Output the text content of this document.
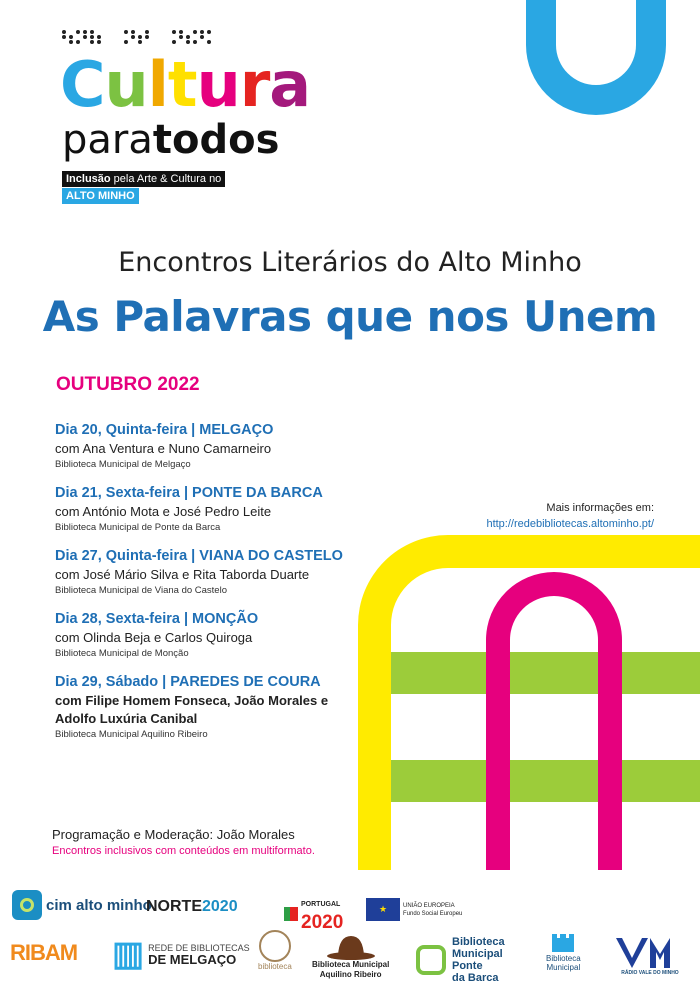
Cultura
paratodos
Inclusão pela Arte & Cultura no
ALTO MINHO
Encontros Literários do Alto Minho
As Palavras que nos Unem
OUTUBRO 2022
Dia 20, Quinta-feira | MELGAÇO
com Ana Ventura e Nuno Camarneiro
Biblioteca Municipal de Melgaço
Dia 21, Sexta-feira | PONTE DA BARCA
com António Mota e José Pedro Leite
Biblioteca Municipal de Ponte da Barca
Dia 27, Quinta-feira | VIANA DO CASTELO
com José Mário Silva e Rita Taborda Duarte
Biblioteca Municipal de Viana do Castelo
Dia 28, Sexta-feira | MONÇÃO
com Olinda Beja e Carlos Quiroga
Biblioteca Municipal de Monção
Dia 29, Sábado | PAREDES DE COURA
com Filipe Homem Fonseca, João Morales e
Adolfo Luxúria Canibal
Biblioteca Municipal Aquilino Ribeiro
Mais informações em:
http://redebibliotecas.altominho.pt/
Programação e Moderação: João Morales
Encontros inclusivos com conteúdos em multiformato.
cim alto minho
NORTE 2020	PORTUGAL
2020
★	UNIÃO EUROPEIA
Fundo Social Europeu
RIBAM ▥ REDE DE BIBLIOTECAS
DE MELGAÇO	biblioteca	Biblioteca Municipal
Aquilino Ribeiro
Biblioteca
Municipal
Ponte
da Barca
Biblioteca
Municipal
RÁDIO VALE DO MINHO
